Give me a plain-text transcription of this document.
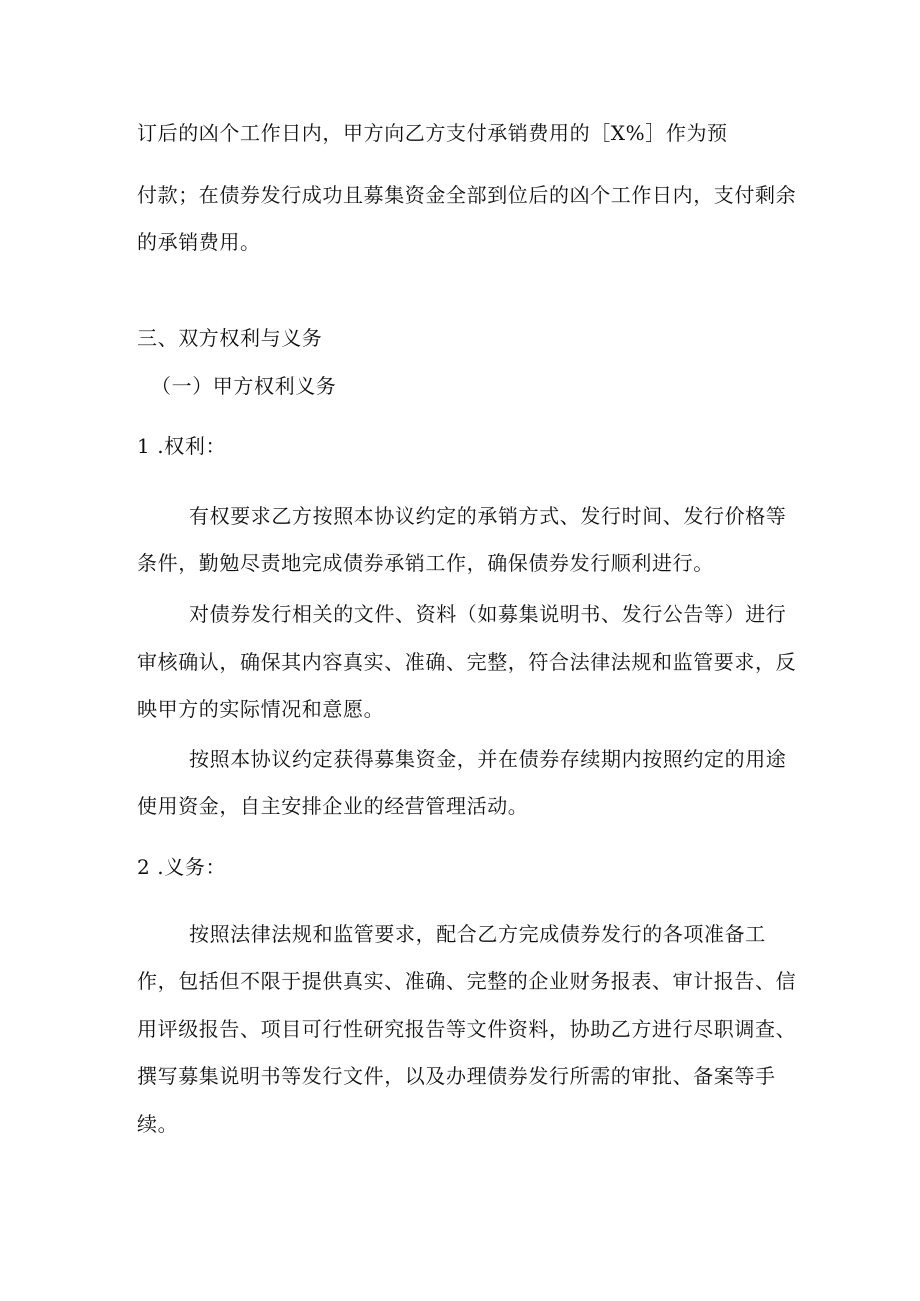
订后的凶个工作日内，甲方向乙方支付承销费用的［X%］作为预

付款；在债券发行成功且募集资金全部到位后的凶个工作日内，支付剩余

的承销费用。

三、双方权利与义务

（一）甲方权利义务

1 .权利：

有权要求乙方按照本协议约定的承销方式、发行时间、发行价格等

条件，勤勉尽责地完成债券承销工作，确保债券发行顺利进行。

对债券发行相关的文件、资料（如募集说明书、发行公告等）进行

审核确认，确保其内容真实、准确、完整，符合法律法规和监管要求，反

映甲方的实际情况和意愿。

按照本协议约定获得募集资金，并在债券存续期内按照约定的用途

使用资金，自主安排企业的经营管理活动。

2 .义务：

按照法律法规和监管要求，配合乙方完成债券发行的各项准备工

作，包括但不限于提供真实、准确、完整的企业财务报表、审计报告、信

用评级报告、项目可行性研究报告等文件资料，协助乙方进行尽职调查、

撰写募集说明书等发行文件，以及办理债券发行所需的审批、备案等手

续。
